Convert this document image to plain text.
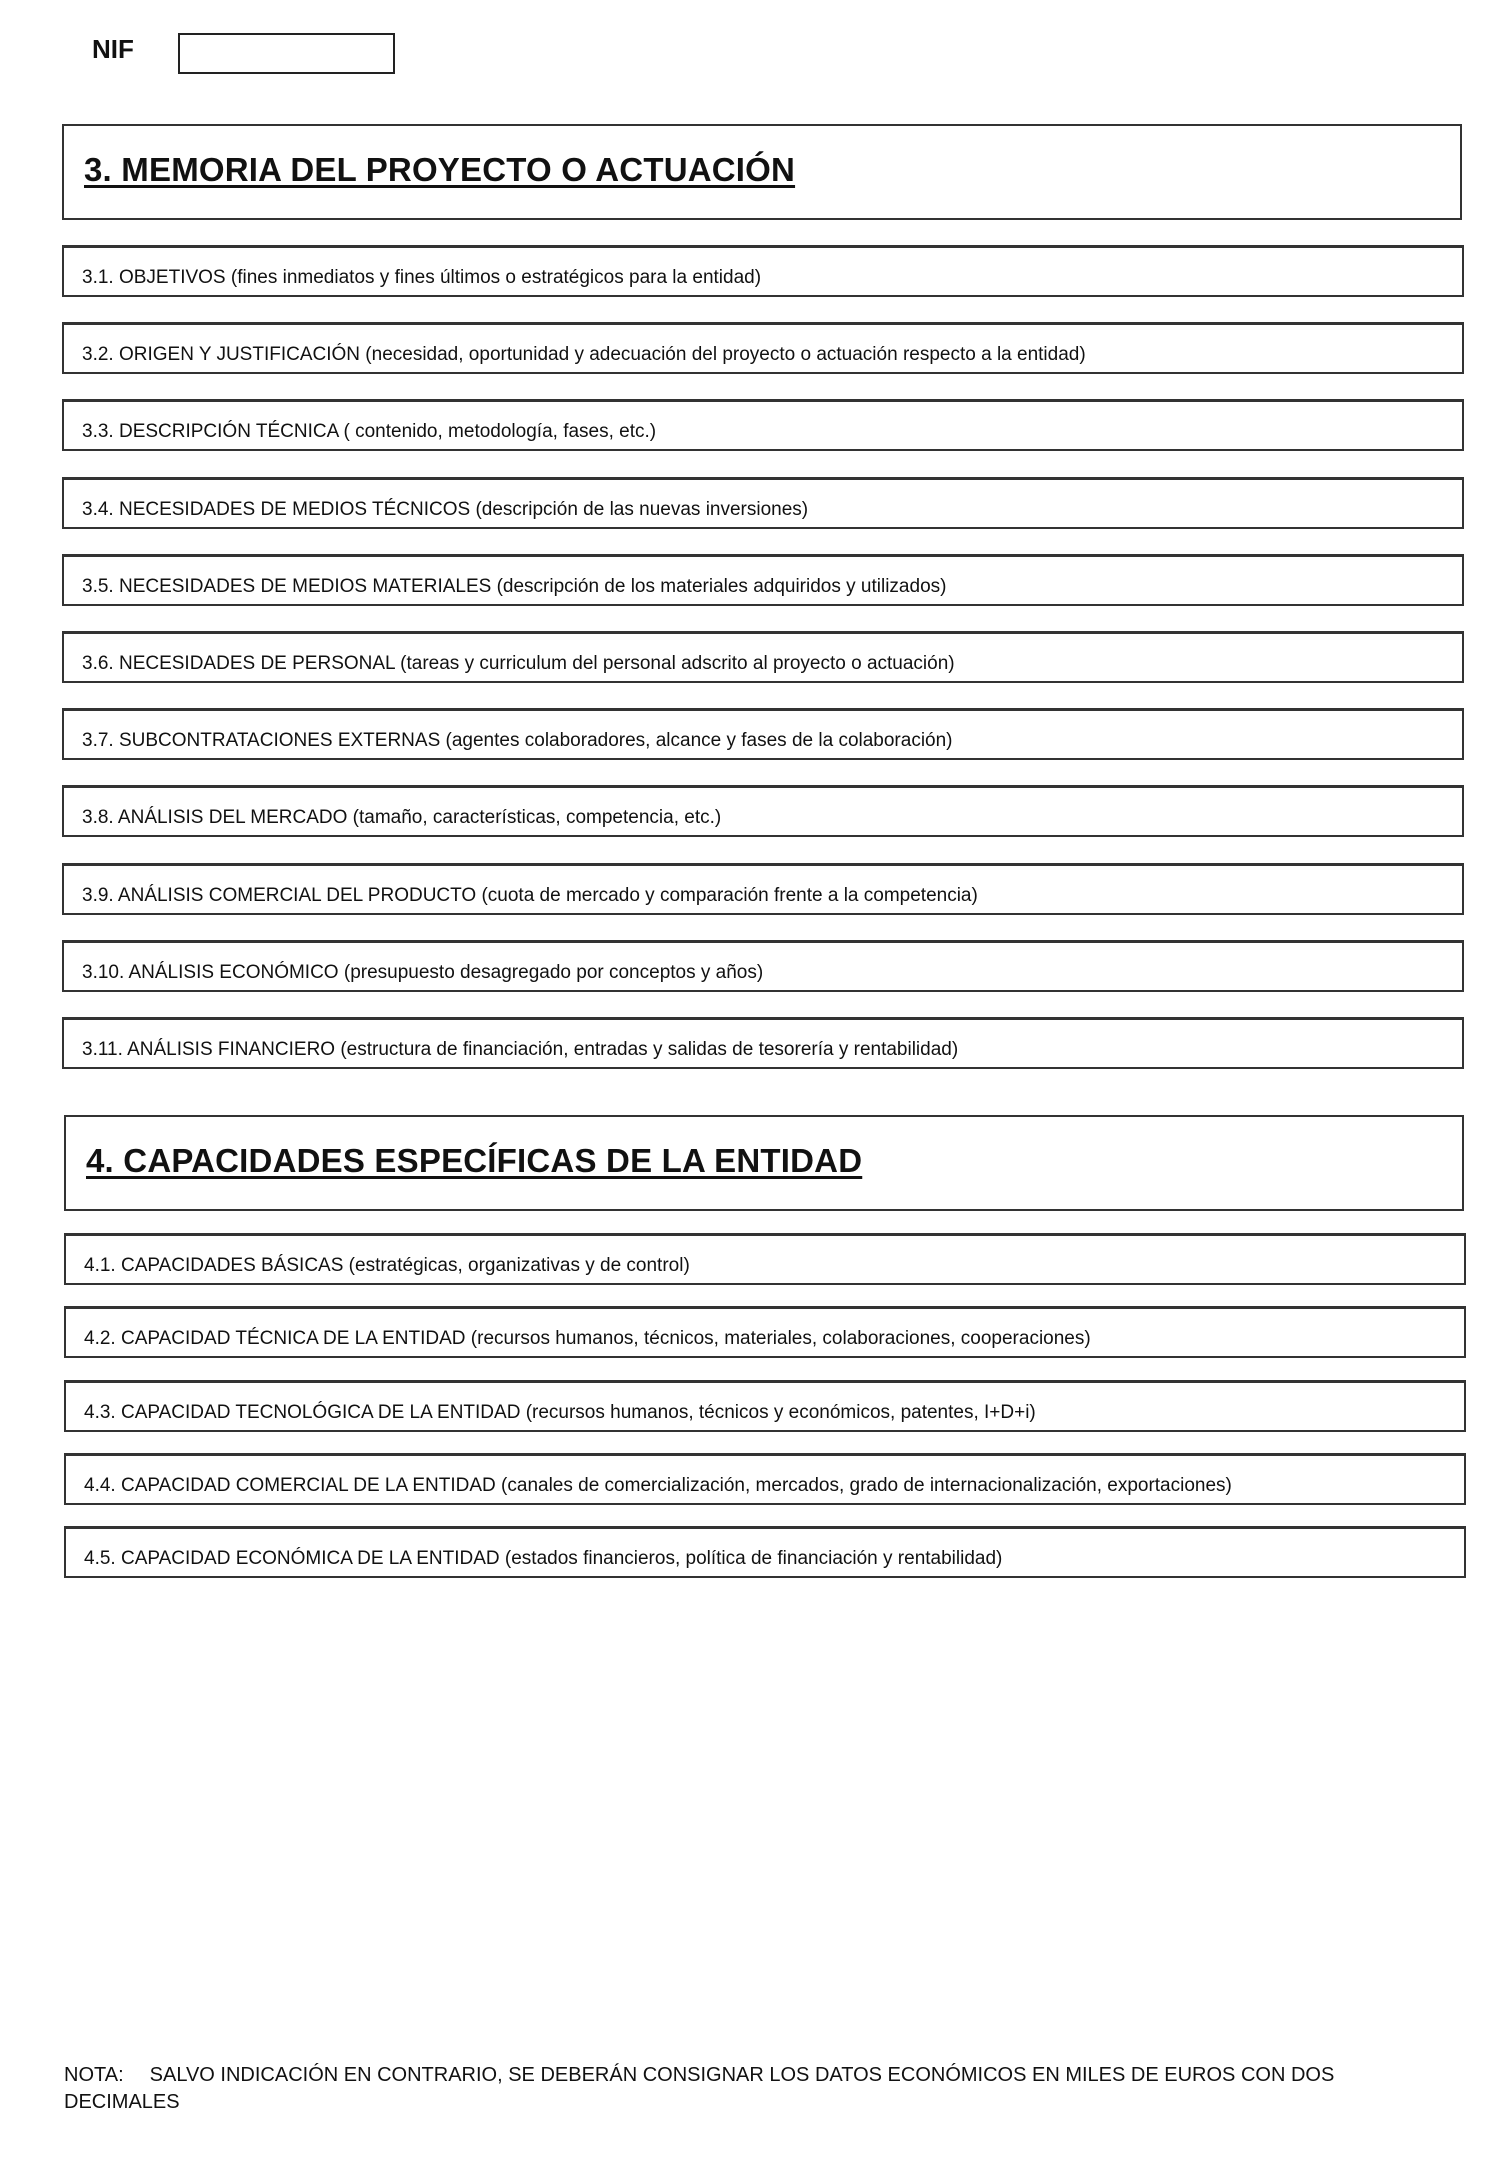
NIF
3. MEMORIA DEL PROYECTO O ACTUACIÓN
3.1. OBJETIVOS (fines inmediatos y fines últimos o estratégicos para la entidad)
3.2. ORIGEN Y JUSTIFICACIÓN (necesidad, oportunidad y adecuación del proyecto o actuación respecto a la entidad)
3.3. DESCRIPCIÓN TÉCNICA ( contenido, metodología, fases, etc.)
3.4. NECESIDADES DE MEDIOS TÉCNICOS (descripción de las nuevas inversiones)
3.5. NECESIDADES DE MEDIOS MATERIALES (descripción de los materiales adquiridos y utilizados)
3.6. NECESIDADES DE PERSONAL (tareas y curriculum del personal adscrito al proyecto o actuación)
3.7. SUBCONTRATACIONES EXTERNAS (agentes colaboradores, alcance y fases de la colaboración)
3.8. ANÁLISIS DEL MERCADO (tamaño, características, competencia, etc.)
3.9. ANÁLISIS COMERCIAL DEL PRODUCTO (cuota de mercado y comparación frente a la competencia)
3.10. ANÁLISIS ECONÓMICO (presupuesto desagregado por conceptos y años)
3.11. ANÁLISIS FINANCIERO (estructura de financiación, entradas y salidas de tesorería y rentabilidad)
4. CAPACIDADES ESPECÍFICAS DE LA ENTIDAD
4.1. CAPACIDADES BÁSICAS (estratégicas, organizativas y de control)
4.2. CAPACIDAD TÉCNICA DE LA ENTIDAD (recursos humanos, técnicos, materiales, colaboraciones, cooperaciones)
4.3. CAPACIDAD TECNOLÓGICA DE LA ENTIDAD (recursos humanos, técnicos y económicos, patentes, I+D+i)
4.4. CAPACIDAD COMERCIAL DE LA ENTIDAD (canales de comercialización, mercados, grado de internacionalización, exportaciones)
4.5. CAPACIDAD ECONÓMICA DE LA ENTIDAD (estados financieros, política de financiación y rentabilidad)
NOTA: SALVO INDICACIÓN EN CONTRARIO, SE DEBERÁN CONSIGNAR LOS DATOS ECONÓMICOS EN MILES DE EUROS CON DOS DECIMALES
